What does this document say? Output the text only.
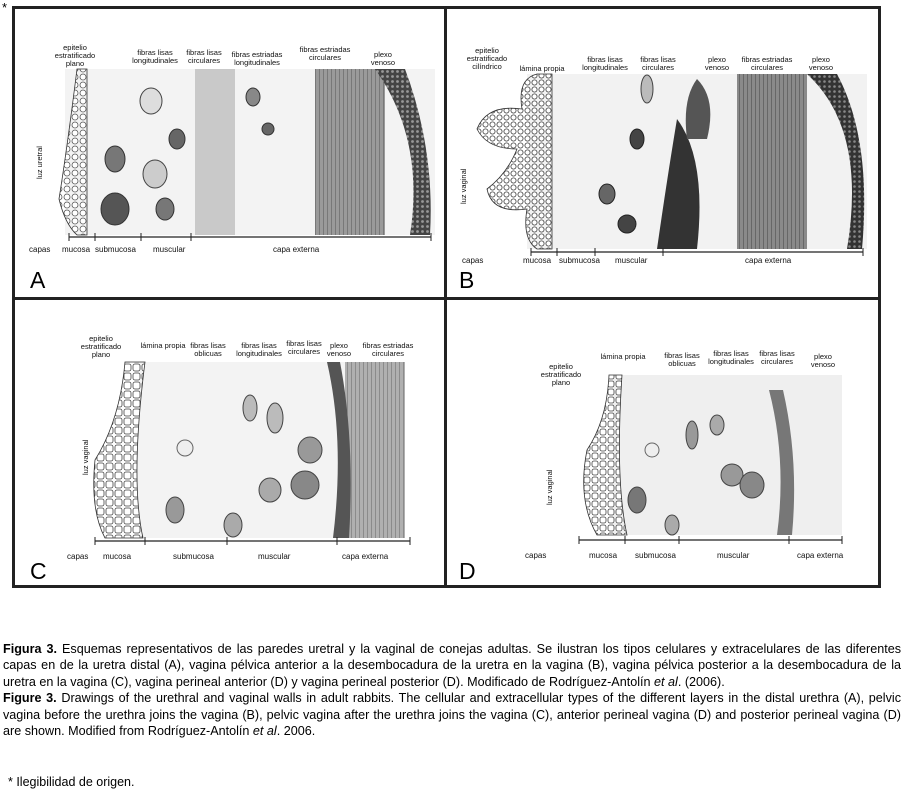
*
A
luz uretral
epitelio
estratificado
plano
fibras lisas
longitudinales
fibras lisas
circulares
fibras estriadas
longitudinales
fibras estriadas
circulares	plexo
venoso
capas mucosa submucosa muscular	capa externa
B
luz vaginal
epitelio
estratificado
cilíndrico	lámina propia
fibras lisas
longitudinales
fibras lisas
circulares
plexo
venoso
fibras estriadas
circulares
plexo
venoso
capas	mucosa submucosa muscular	capa externa
C
luz vaginal
epitelio
estratificado
plano
lámina propia fibras lisas
oblicuas
fibras lisas
longitudinales
fibras lisas
circulares
plexo
venoso
fibras estriadas
circulares
capas mucosa	submucosa	muscular	capa externa
D
luz vaginal
epitelio
estratificado
plano
lámina propia	fibras lisas
oblicuas
fibras lisas
longitudinales
fibras lisas
circulares
plexo
venoso
capas	mucosa submucosa	muscular	capa externa

Figura 3. Esquemas representativos de las paredes uretral y la vaginal de conejas adultas. Se ilustran los tipos celulares y extracelulares de las diferentes capas en de la uretra distal (A), vagina pélvica anterior a la desembocadura de la uretra en la vagina (B), vagina pélvica posterior a la desembocadura de la uretra en la vagina (C), vagina perineal anterior (D) y vagina perineal posterior (D). Modificado de Rodríguez-Antolín et al. (2006).

Figure 3. Drawings of the urethral and vaginal walls in adult rabbits. The cellular and extracellular types of the different layers in the distal urethra (A), pelvic vagina before the urethra joins the vagina (B), pelvic vagina after the urethra joins the vagina (C), anterior perineal vagina (D) and posterior perineal vagina (D) are shown. Modified from Rodríguez-Antolín et al. 2006.

* Ilegibilidad de origen.
